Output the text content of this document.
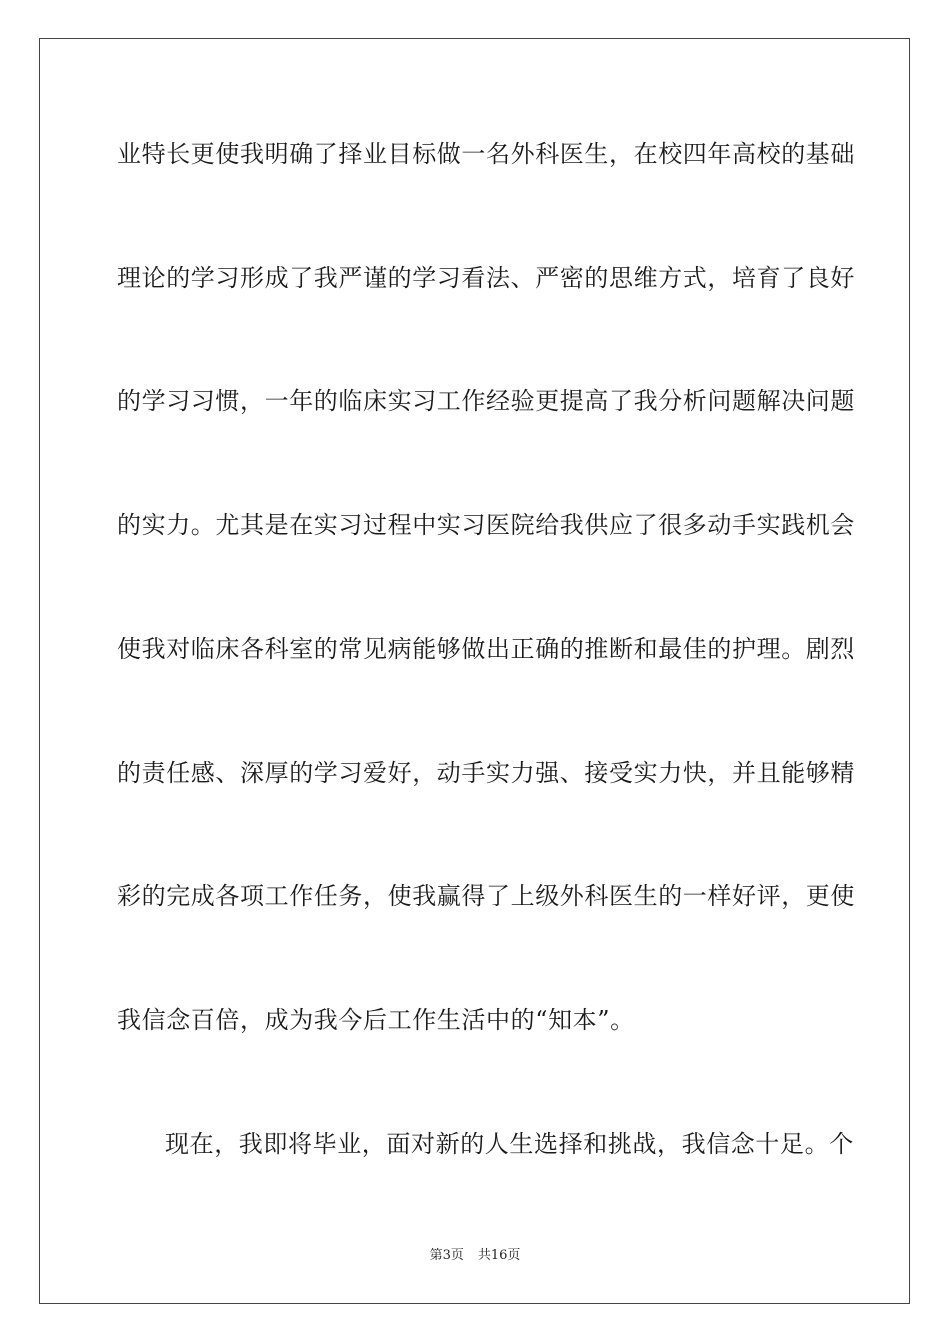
业特长更使我明确了择业目标做一名外科医生，在校四年高校的基础
理论的学习形成了我严谨的学习看法、严密的思维方式，培育了良好
的学习习惯，一年的临床实习工作经验更提高了我分析问题解决问题
的实力。尤其是在实习过程中实习医院给我供应了很多动手实践机会
使我对临床各科室的常见病能够做出正确的推断和最佳的护理。剧烈
的责任感、深厚的学习爱好，动手实力强、接受实力快，并且能够精
彩的完成各项工作任务，使我赢得了上级外科医生的一样好评，更使
我信念百倍，成为我今后工作生活中的“知本”。
现在，我即将毕业，面对新的人生选择和挑战，我信念十足。个
第3页 共16页
